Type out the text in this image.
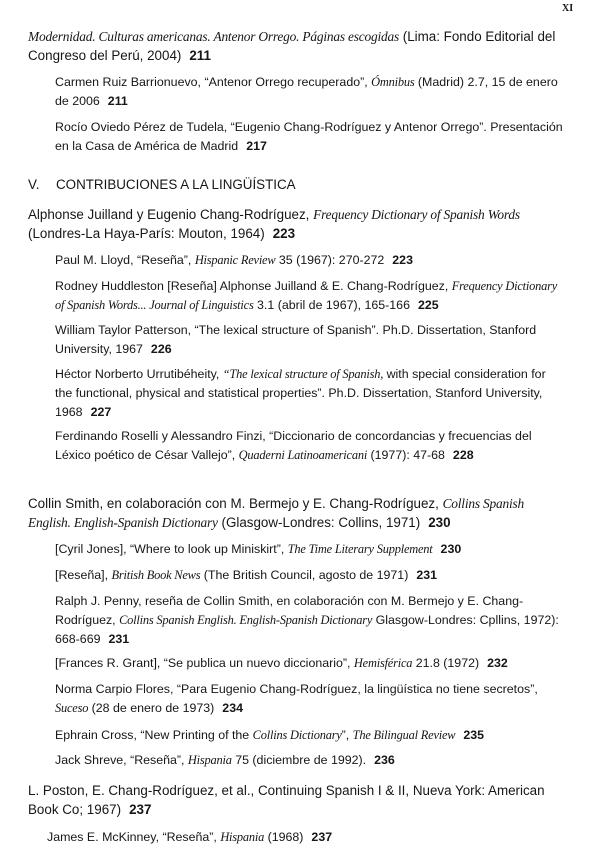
XI
V. CONTRIBUCIONES A LA LINGÜÍSTICA
Modernidad. Culturas americanas. Antenor Orrego. Páginas escogidas (Lima: Fondo Editorial del Congreso del Perú, 2004) 211
Carmen Ruiz Barrionuevo, “Antenor Orrego recuperado”, Ómnibus (Madrid) 2.7, 15 de enero de 2006 211
Rocío Oviedo Pérez de Tudela, “Eugenio Chang-Rodríguez y Antenor Orrego”. Presentación en la Casa de América de Madrid 217
Alphonse Juilland y Eugenio Chang-Rodríguez, Frequency Dictionary of Spanish Words (Londres-La Haya-París: Mouton, 1964) 223
Paul M. Lloyd, “Reseña”, Hispanic Review 35 (1967): 270-272 223
Rodney Huddleston [Reseña] Alphonse Juilland & E. Chang-Rodríguez, Frequency Dictionary of Spanish Words... Journal of Linguistics 3.1 (abril de 1967), 165-166 225
William Taylor Patterson, “The lexical structure of Spanish”. Ph.D. Dissertation, Stanford University, 1967 226
Héctor Norberto Urrutibéheity, “The lexical structure of Spanish, with special consideration for the functional, physical and statistical properties”. Ph.D. Dissertation, Stanford University, 1968 227
Ferdinando Roselli y Alessandro Finzi, “Diccionario de concordancias y frecuencias del Léxico poético de César Vallejo”, Quaderni Latinoamericani (1977): 47-68 228
Collin Smith, en colaboración con M. Bermejo y E. Chang-Rodríguez, Collins Spanish English. English-Spanish Dictionary (Glasgow-Londres: Collins, 1971) 230
[Cyril Jones], “Where to look up Miniskirt”, The Time Literary Supplement 230
[Reseña], British Book News (The British Council, agosto de 1971) 231
Ralph J. Penny, reseña de Collin Smith, en colaboración con M. Bermejo y E. Chang-Rodríguez, Collins Spanish English. English-Spanish Dictionary Glasgow-Londres: Cpllins, 1972): 668-669 231
[Frances R. Grant], “Se publica un nuevo diccionario”, Hemisférica 21.8 (1972) 232
Norma Carpio Flores, “Para Eugenio Chang-Rodríguez, la lingüística no tiene secretos”, Suceso (28 de enero de 1973) 234
Ephrain Cross, “New Printing of the Collins Dictionary”, The Bilingual Review 235
Jack Shreve, “Reseña”, Hispania 75 (diciembre de 1992). 236
L. Poston, E. Chang-Rodríguez, et al., Continuing Spanish I & II, Nueva York: American Book Co; 1967) 237
James E. McKinney, “Reseña”, Hispania (1968) 237
